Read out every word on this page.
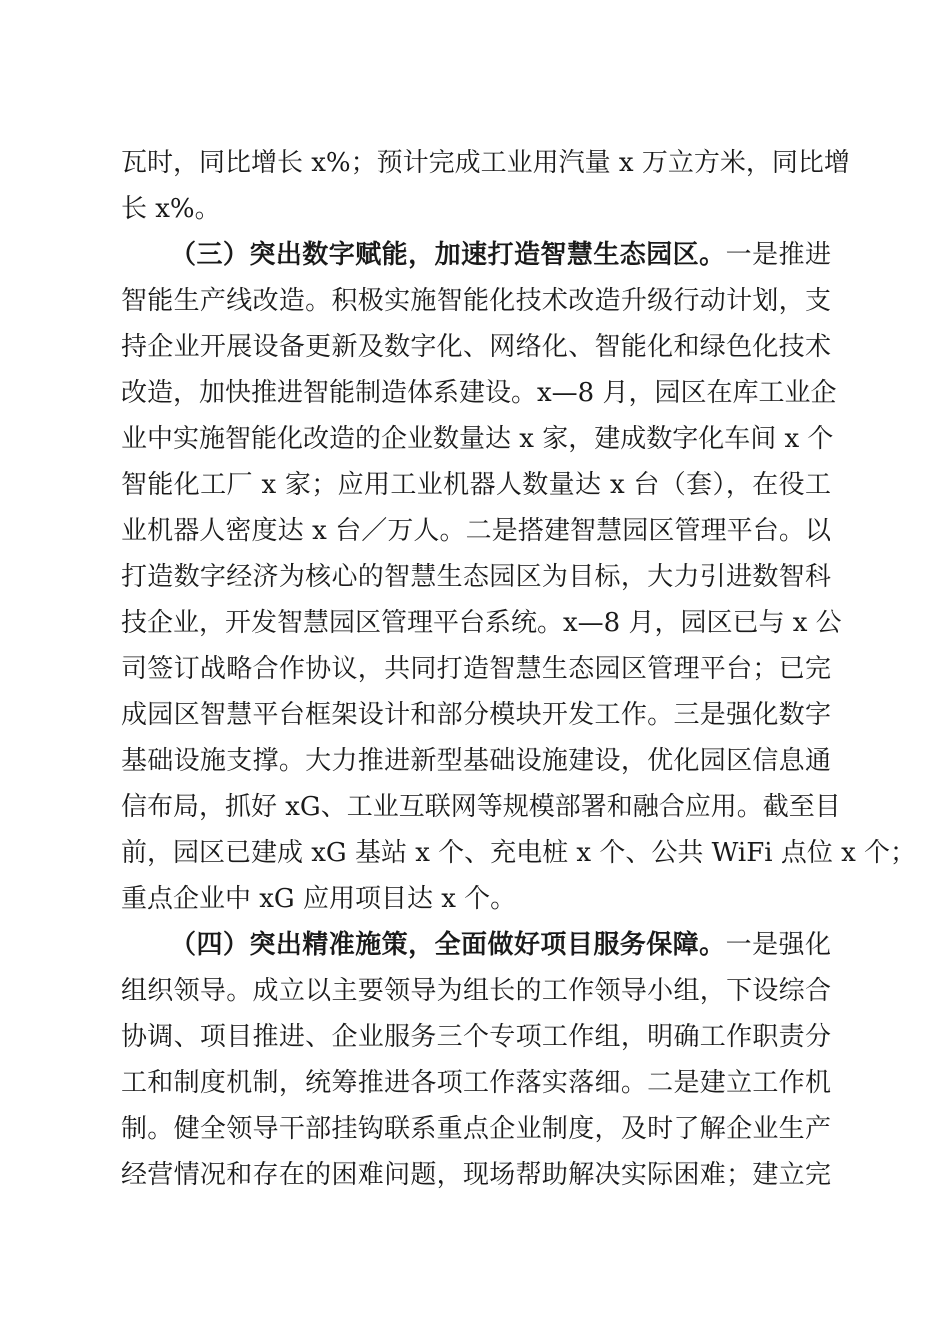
瓦时，同比增长 x%；预计完成工业用汽量 x 万立方米，同比增
长 x%。
（三）突出数字赋能，加速打造智慧生态园区。一是推进
智能生产线改造。积极实施智能化技术改造升级行动计划，支
持企业开展设备更新及数字化、网络化、智能化和绿色化技术
改造，加快推进智能制造体系建设。x—8 月，园区在库工业企
业中实施智能化改造的企业数量达 x 家，建成数字化车间 x 个
智能化工厂 x 家；应用工业机器人数量达 x 台（套），在役工
业机器人密度达 x 台／万人。二是搭建智慧园区管理平台。以
打造数字经济为核心的智慧生态园区为目标，大力引进数智科
技企业，开发智慧园区管理平台系统。x—8 月，园区已与 x 公
司签订战略合作协议，共同打造智慧生态园区管理平台；已完
成园区智慧平台框架设计和部分模块开发工作。三是强化数字
基础设施支撑。大力推进新型基础设施建设，优化园区信息通
信布局，抓好 xG、工业互联网等规模部署和融合应用。截至目
前，园区已建成 xG 基站 x 个、充电桩 x 个、公共 WiFi 点位 x 个；
重点企业中 xG 应用项目达 x 个。
（四）突出精准施策，全面做好项目服务保障。一是强化
组织领导。成立以主要领导为组长的工作领导小组，下设综合
协调、项目推进、企业服务三个专项工作组，明确工作职责分
工和制度机制，统筹推进各项工作落实落细。二是建立工作机
制。健全领导干部挂钩联系重点企业制度，及时了解企业生产
经营情况和存在的困难问题，现场帮助解决实际困难；建立完
